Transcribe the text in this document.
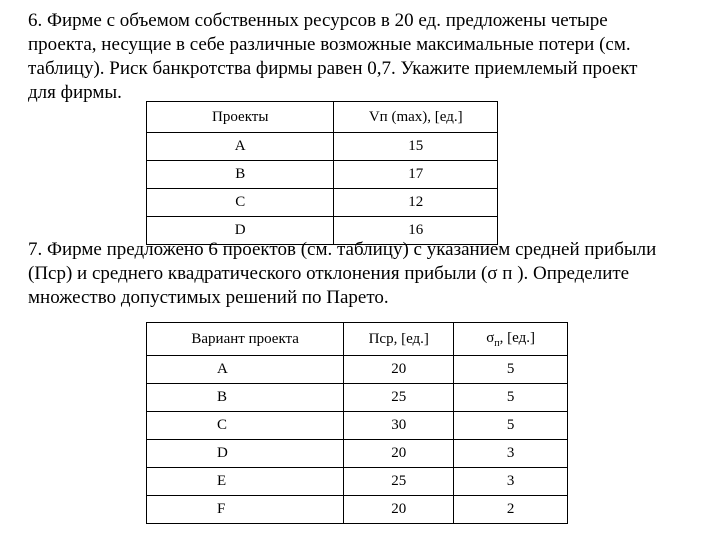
6. Фирме с объемом собственных ресурсов в 20 ед. предложены четыре
проекта, несущие в себе различные возможные максимальные потери (см.
таблицу). Риск банкротства фирмы равен 0,7. Укажите приемлемый проект
для фирмы.
Проекты	Vп (max), [ед.]
А	15
В	17
С	12
D	16
7. Фирме предложено 6 проектов (см. таблицу) с указанием средней прибыли
(Пср) и среднего квадратического отклонения прибыли (σ п ). Определите
множество допустимых решений по Парето.
Вариант проекта	Пср, [ед.]	$\sigma_п$, [ед.]
А	20	5
В	25	5
С	30	5
D	20	3
E	25	3
F	20	2
